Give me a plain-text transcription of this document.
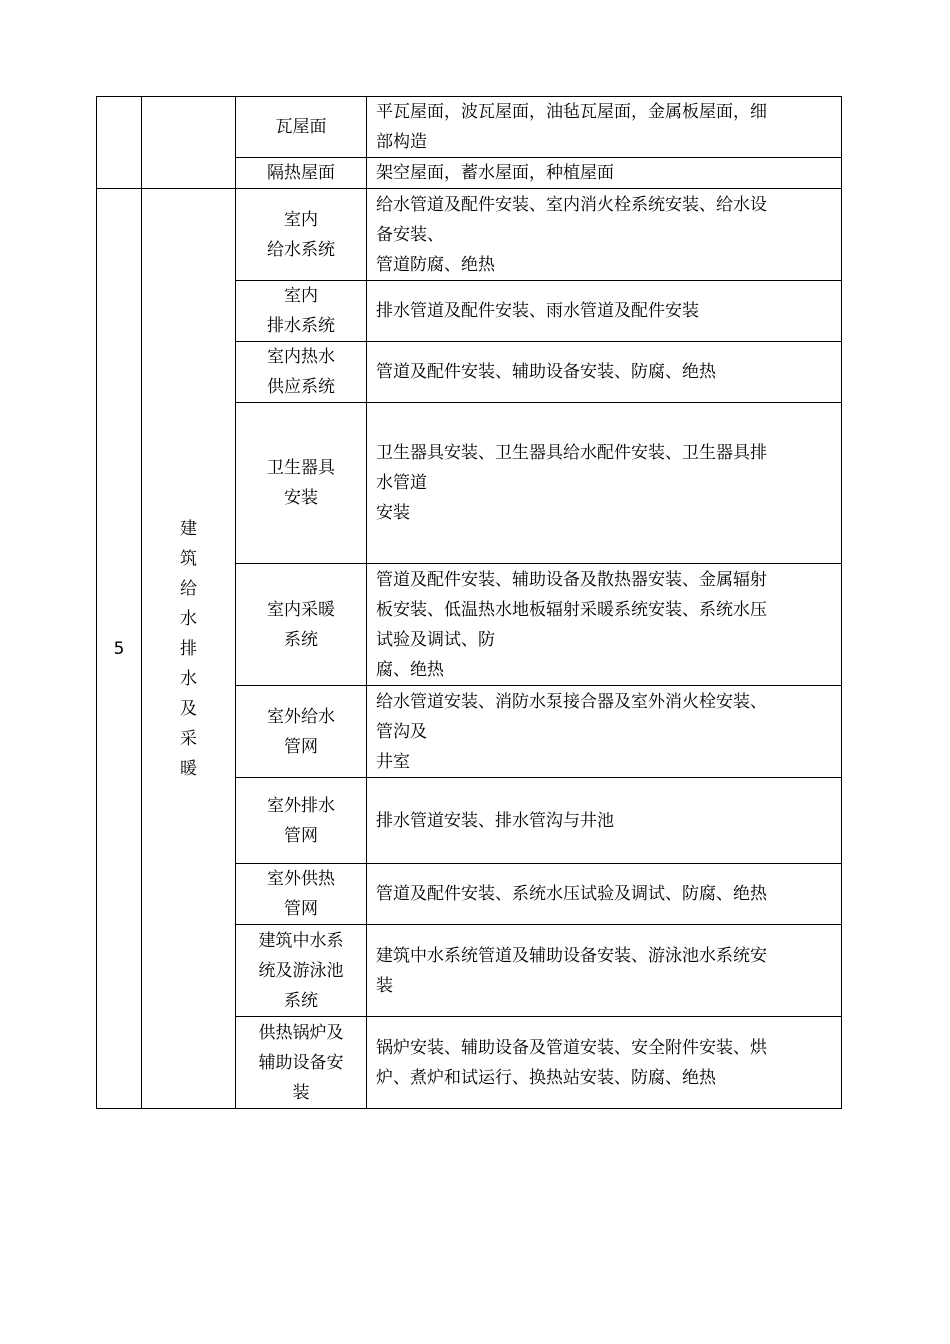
		瓦屋面	平瓦屋面，波瓦屋面，油毡瓦屋面，金属板屋面，细
部构造

		隔热屋面	架空屋面，蓄水屋面，种植屋面

5	建筑给水排水及采暖	室内
给水系统	给水管道及配件安装、室内消火栓系统安装、给水设
备安装、
管道防腐、绝热

		室内
排水系统	排水管道及配件安装、雨水管道及配件安装

		室内热水
供应系统	管道及配件安装、辅助设备安装、防腐、绝热

		卫生器具
安装	卫生器具安装、卫生器具给水配件安装、卫生器具排
水管道
安装

		室内采暖
系统	管道及配件安装、辅助设备及散热器安装、金属辐射
板安装、低温热水地板辐射采暖系统安装、系统水压
试验及调试、防
腐、绝热

		室外给水
管网	给水管道安装、消防水泵接合器及室外消火栓安装、
管沟及
井室

		室外排水
管网	排水管道安装、排水管沟与井池

		室外供热
管网	管道及配件安装、系统水压试验及调试、防腐、绝热

		建筑中水系
统及游泳池
系统	建筑中水系统管道及辅助设备安装、游泳池水系统安
装

		供热锅炉及
辅助设备安
装	锅炉安装、辅助设备及管道安装、安全附件安装、烘
炉、煮炉和试运行、换热站安装、防腐、绝热
